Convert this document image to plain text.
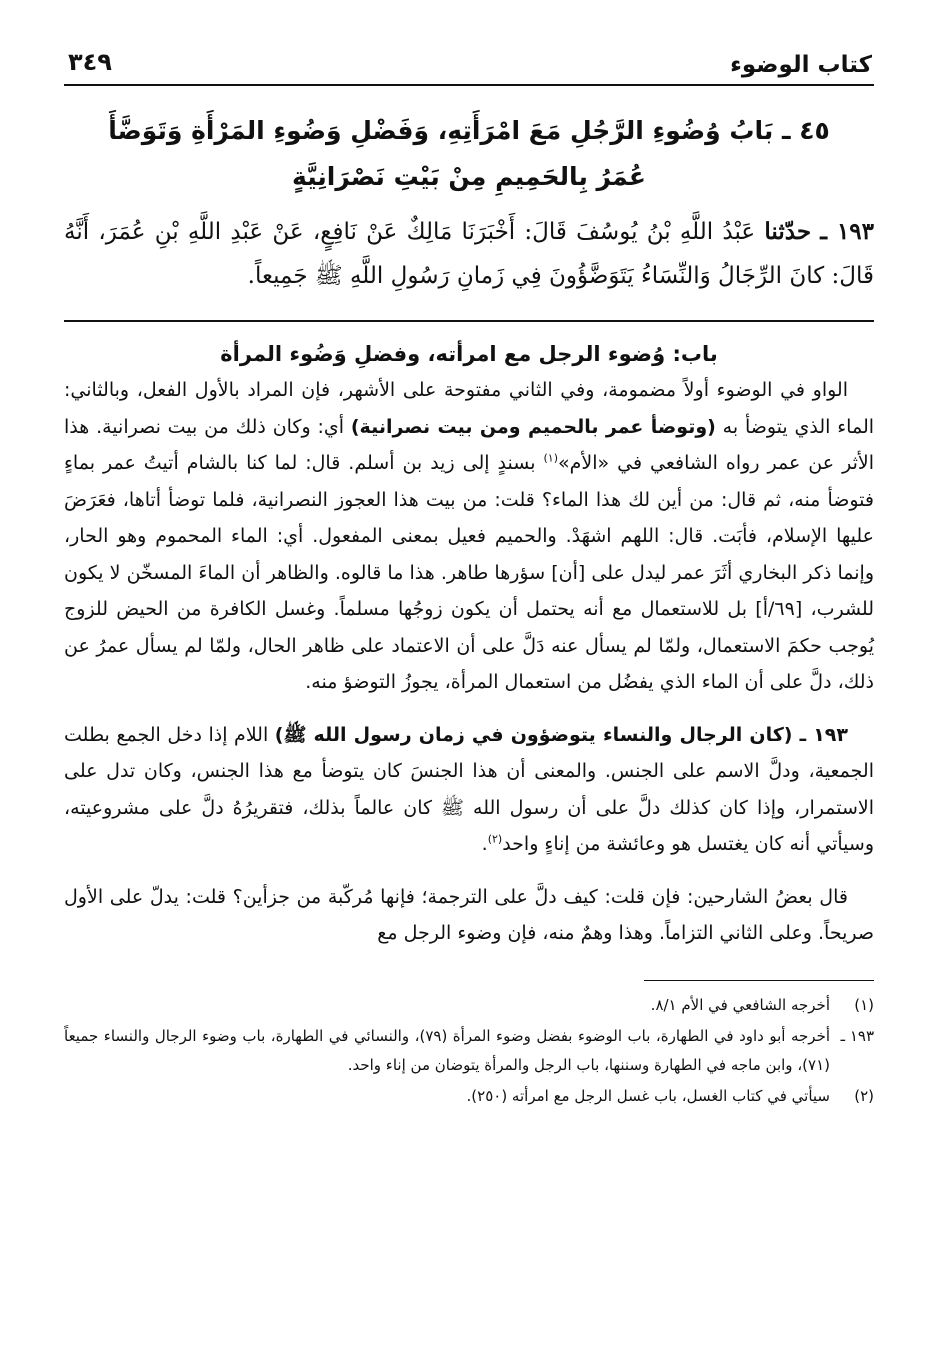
كتاب الوضوء
٣٤٩
٤٥ ـ بَابُ وُضُوءِ الرَّجُلِ مَعَ امْرَأَتِهِ، وَفَضْلِ وَضُوءِ المَرْأَةِ وَتَوَضَّأَ عُمَرُ بِالحَمِيمِ مِنْ بَيْتِ نَصْرَانِيَّةٍ
١٩٣ ـ حدّثنا عَبْدُ اللَّهِ بْنُ يُوسُفَ قَالَ: أَخْبَرَنَا مَالِكٌ عَنْ نَافِعٍ، عَنْ عَبْدِ اللَّهِ بْنِ عُمَرَ، أَنَّهُ قَالَ: كانَ الرِّجَالُ وَالنِّسَاءُ يَتَوَضَّؤُونَ فِي زَمانِ رَسُولِ اللَّهِ ﷺ جَمِيعاً.
باب: وُضوء الرجل مع امرأته، وفضلِ وَضُوء المرأة

الواو في الوضوء أولاً مضمومة، وفي الثاني مفتوحة على الأشهر، فإن المراد بالأول الفعل، وبالثاني: الماء الذي يتوضأ به (وتوضأ عمر بالحميم ومن بيت نصرانية) أي: وكان ذلك من بيت نصرانية. هذا الأثر عن عمر رواه الشافعي في «الأم»$^{(١)}$ بسندٍ إلى زيد بن أسلم. قال: لما كنا بالشام أتيتُ عمر بماءٍ فتوضأ منه، ثم قال: من أين لك هذا الماء؟ قلت: من بيت هذا العجوز النصرانية، فلما توضأ أتاها، فعَرَضَ عليها الإسلام، فأبَت. قال: اللهم اشهَدْ. والحميم فعيل بمعنى المفعول. أي: الماء المحموم وهو الحار، وإنما ذكر البخاري أثَرَ عمر ليدل على [أن] سؤرها طاهر. هذا ما قالوه. والظاهر أن الماءَ المسخّن لا يكون للشرب، [٦٩/أ] بل للاستعمال مع أنه يحتمل أن يكون زوجُها مسلماً. وغسل الكافرة من الحيض للزوج يُوجب حكمَ الاستعمال، ولمّا لم يسأل عنه دَلَّ على أن الاعتماد على ظاهر الحال، ولمّا لم يسأل عمرُ عن ذلك، دلَّ على أن الماء الذي يفضُل من استعمال المرأة، يجوزُ التوضؤ منه.

١٩٣ ـ (كان الرجال والنساء يتوضؤون في زمان رسول الله ﷺ) اللام إذا دخل الجمع بطلت الجمعية، ودلَّ الاسم على الجنس. والمعنى أن هذا الجنسَ كان يتوضأ مع هذا الجنس، وكان تدل على الاستمرار، وإذا كان كذلك دلَّ على أن رسول الله ﷺ كان عالماً بذلك، فتقريرُهُ دلَّ على مشروعيته، وسيأتي أنه كان يغتسل هو وعائشة من إناءٍ واحد$^{(٢)}$.

قال بعضُ الشارحين: فإن قلت: كيف دلَّ على الترجمة؛ فإنها مُركّبة من جزأين؟ قلت: يدلّ على الأول صريحاً. وعلى الثاني التزاماً. وهذا وهمٌ منه، فإن وضوء الرجل مع

(١)
أخرجه الشافعي في الأم ٨/١.
١٩٣ ـ
أخرجه أبو داود في الطهارة، باب الوضوء بفضل وضوء المرأة (٧٩)، والنسائي في الطهارة، باب وضوء الرجال والنساء جميعاً (٧١)، وابن ماجه في الطهارة وسننها، باب الرجل والمرأة يتوضان من إناء واحد.
(٢)
سيأتي في كتاب الغسل، باب غسل الرجل مع امرأته (٢٥٠).
